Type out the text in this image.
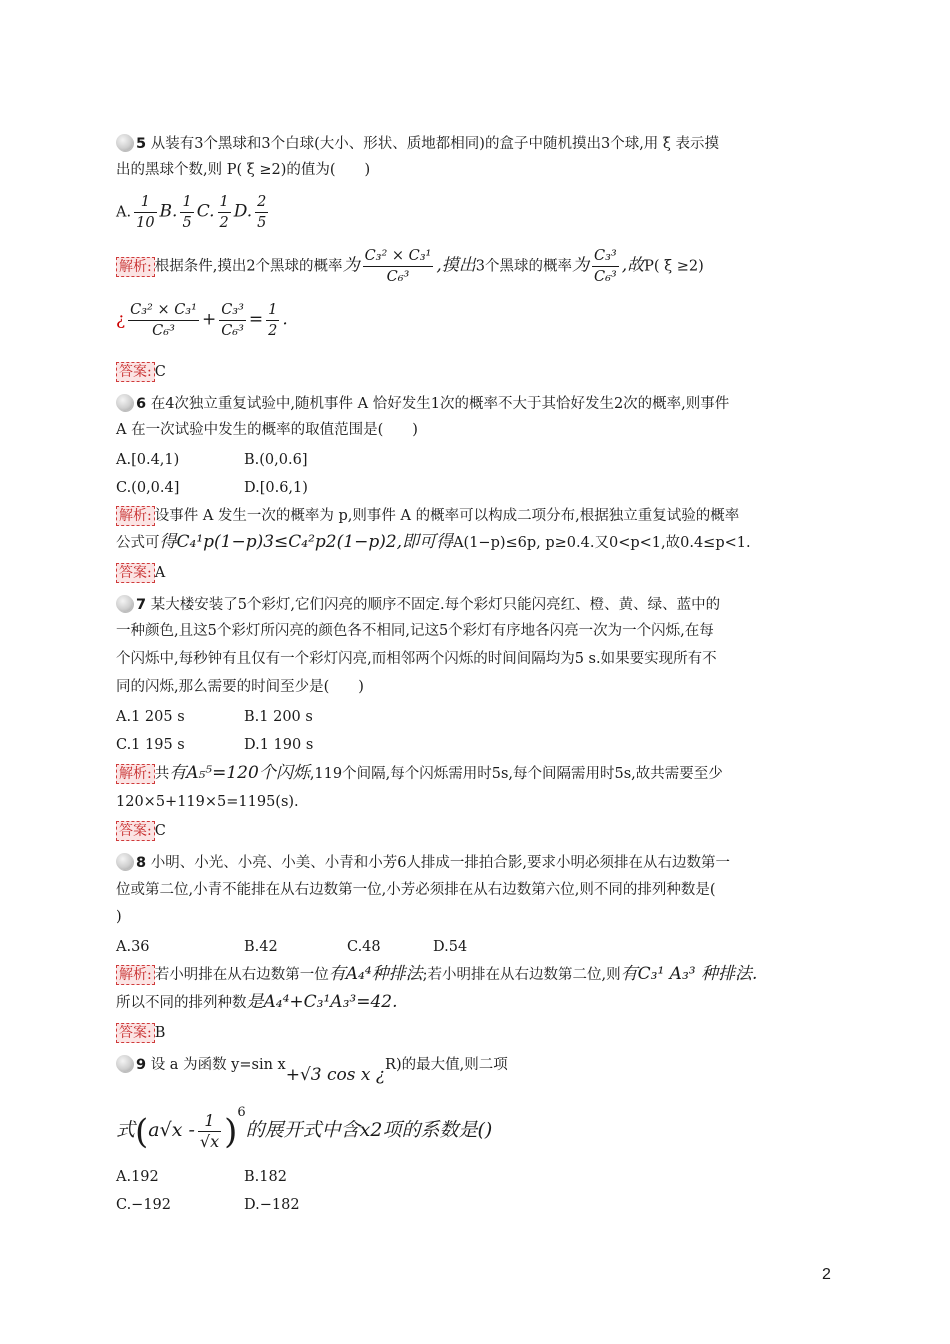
5 从装有3个黑球和3个白球(大小、形状、质地都相同)的盒子中随机摸出3个球,用 ξ 表示摸
出的黑球个数,则 P( ξ ≥2)的值为(　　)
A. $\frac{1}{10} B$. $\frac{1}{5} C$. $\frac{1}{2} D$. $\frac{2}{5}$
解析: 根据条件,摸出2个黑球的概率为 $\frac{\text{C₃² × C₃¹}}{\text{C₆³}}$ ,摸出3个黑球的概率为 $\frac{\text{C₃³}}{\text{C₆³}}$ ,故P( ξ ≥2)
¿ $\frac{\text{C₃² × C₃¹}}{\text{C₆³}} + \frac{\text{C₃³}}{\text{C₆³}} = \frac{1}{2}$ .
答案: C
6 在4次独立重复试验中,随机事件 A 恰好发生1次的概率不大于其恰好发生2次的概率,则事件
A 在一次试验中发生的概率的取值范围是(　　)
A.[0.4,1)	B.(0,0.6]
C.(0,0.4]	D.[0.6,1)
解析: 设事件 A 发生一次的概率为 p,则事件 A 的概率可以构成二项分布,根据独立重复试验的概率
公式可得C₄¹p(1−p)3≤C₄²p2(1−p)2,即可得A(1−p)≤6p, p≥0.4.又0<p<1,故0.4≤p<1.
答案: A
7 某大楼安装了5个彩灯,它们闪亮的顺序不固定.每个彩灯只能闪亮红、橙、黄、绿、蓝中的
一种颜色,且这5个彩灯所闪亮的颜色各不相同,记这5个彩灯有序地各闪亮一次为一个闪烁,在每
个闪烁中,每秒钟有且仅有一个彩灯闪亮,而相邻两个闪烁的时间间隔均为5 s.如果要实现所有不
同的闪烁,那么需要的时间至少是(　　)
A.1 205 s	B.1 200 s
C.1 195 s	D.1 190 s
解析: 共有A₅⁵=120个闪烁,119个间隔,每个闪烁需用时5s,每个间隔需用时5s,故共需要至少
120×5+119×5=1195(s).
答案: C
8 小明、小光、小亮、小美、小青和小芳6人排成一排拍合影,要求小明必须排在从右边数第一
位或第二位,小青不能排在从右边数第一位,小芳必须排在从右边数第六位,则不同的排列种数是(
)
A.36	B.42	C.48	D.54
解析: 若小明排在从右边数第一位有A₄⁴种排法;若小明排在从右边数第二位,则有C₃¹ A₃³ 种排法.
所以不同的排列种数是A₄⁴+C₃¹A₃³=42.
答案: B
9 设 a 为函数 y=sin x+√3 cos x ¿R)的最大值,则二项
式$(a√x - \frac{1}{√x} )^6$的展开式中含x2项的系数是()
A.192	B.182
C.−192	D.−182
2
